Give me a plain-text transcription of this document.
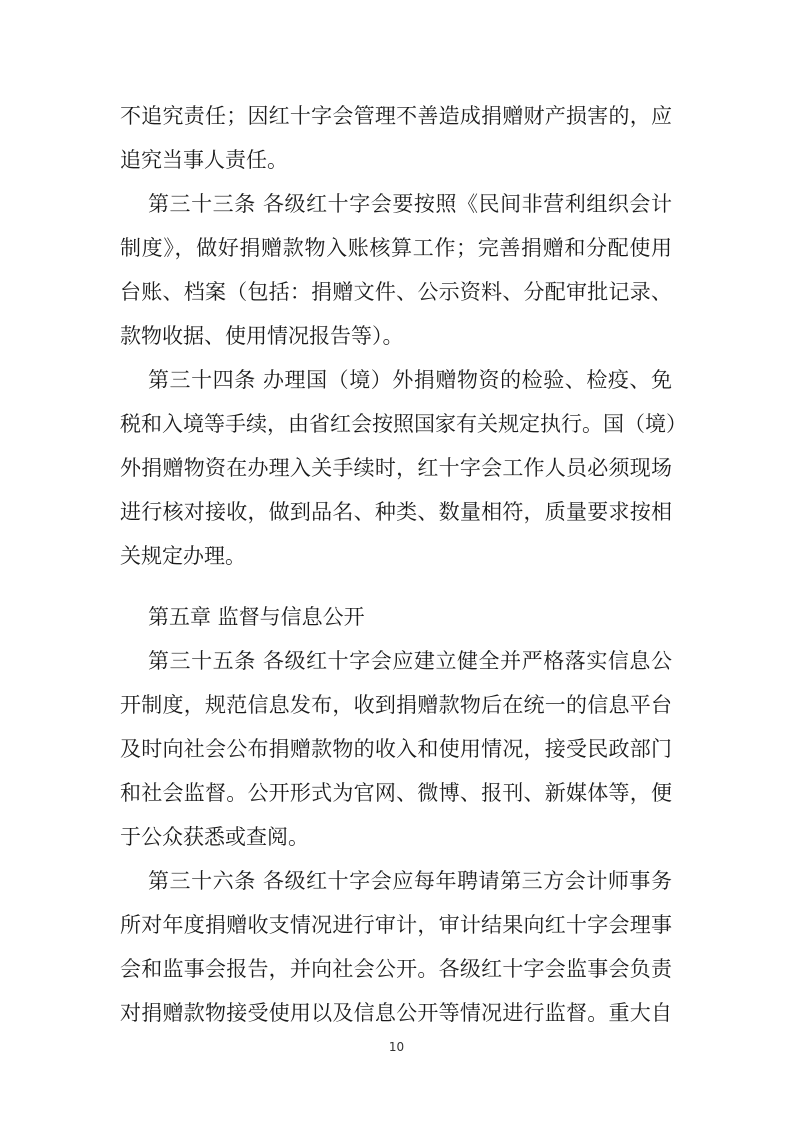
不追究责任；因红十字会管理不善造成捐赠财产损害的，应
追究当事人责任。
第三十三条 各级红十字会要按照《民间非营利组织会计
制度》，做好捐赠款物入账核算工作；完善捐赠和分配使用
台账、档案（包括：捐赠文件、公示资料、分配审批记录、
款物收据、使用情况报告等）。
第三十四条 办理国（境）外捐赠物资的检验、检疫、免
税和入境等手续，由省红会按照国家有关规定执行。国（境）
外捐赠物资在办理入关手续时，红十字会工作人员必须现场
进行核对接收，做到品名、种类、数量相符，质量要求按相
关规定办理。
第五章 监督与信息公开
第三十五条 各级红十字会应建立健全并严格落实信息公
开制度，规范信息发布，收到捐赠款物后在统一的信息平台
及时向社会公布捐赠款物的收入和使用情况，接受民政部门
和社会监督。公开形式为官网、微博、报刊、新媒体等，便
于公众获悉或查阅。
第三十六条 各级红十字会应每年聘请第三方会计师事务
所对年度捐赠收支情况进行审计，审计结果向红十字会理事
会和监事会报告，并向社会公开。各级红十字会监事会负责
对捐赠款物接受使用以及信息公开等情况进行监督。重大自
10
